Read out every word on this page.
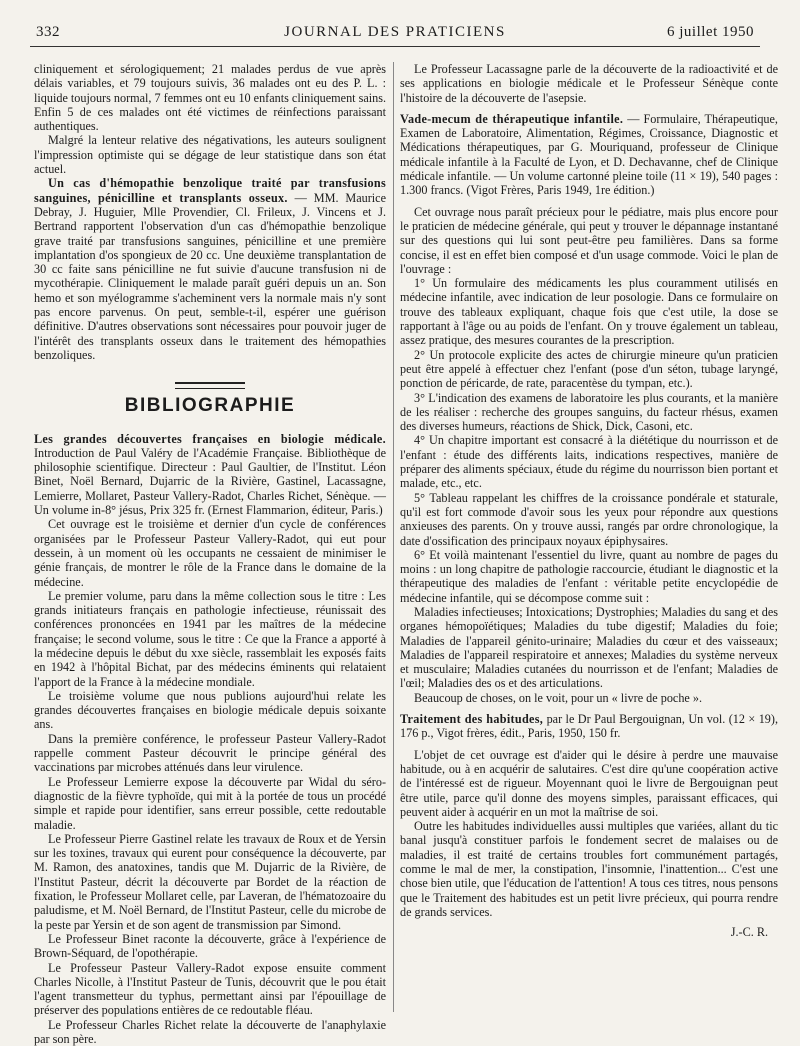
332	JOURNAL DES PRATICIENS	6 juillet 1950

cliniquement et sérologiquement; 21 malades perdus de vue après délais variables, et 79 toujours suivis, 36 malades ont eu des P. L. : liquide toujours normal, 7 femmes ont eu 10 enfants cliniquement sains. Enfin 5 de ces malades ont été victimes de réinfections paraissant authentiques.

Malgré la lenteur relative des négativations, les auteurs soulignent l'impression optimiste qui se dégage de leur statistique dans son état actuel.

Un cas d'hémopathie benzolique traité par transfusions sanguines, pénicilline et transplants osseux. — MM. Maurice Debray, J. Huguier, Mlle Provendier, Cl. Frileux, J. Vincens et J. Bertrand rapportent l'observation d'un cas d'hémopathie benzolique grave traité par transfusions sanguines, pénicilline et une première implantation d'os spongieux de 20 cc. Une deuxième transplantation de 30 cc faite sans pénicilline ne fut suivie d'aucune transfusion ni de mycothérapie. Cliniquement le malade paraît guéri depuis un an. Son hemo et son myélogramme s'acheminent vers la normale mais n'y sont pas encore parvenus. On peut, semble-t-il, espérer une guérison définitive. D'autres observations sont nécessaires pour pouvoir juger de l'intérêt des transplants osseux dans le traitement des hémopathies benzoliques.

BIBLIOGRAPHIE

Les grandes découvertes françaises en biologie médicale. Introduction de Paul Valéry de l'Académie Française. Bibliothèque de philosophie scientifique. Directeur : Paul Gaultier, de l'Institut. Léon Binet, Noël Bernard, Dujarric de la Rivière, Gastinel, Lacassagne, Lemierre, Mollaret, Pasteur Vallery-Radot, Charles Richet, Sénèque. — Un volume in-8° jésus, Prix 325 fr. (Ernest Flammarion, éditeur, Paris.)

Cet ouvrage est le troisième et dernier d'un cycle de conférences organisées par le Professeur Pasteur Vallery-Radot, qui eut pour dessein, à un moment où les occupants ne cessaient de minimiser le génie français, de montrer le rôle de la France dans le domaine de la médecine.

Le premier volume, paru dans la même collection sous le titre : Les grands initiateurs français en pathologie infectieuse, réunissait des conférences prononcées en 1941 par les maîtres de la médecine française; le second volume, sous le titre : Ce que la France a apporté à la médecine depuis le début du xxe siècle, rassemblait les exposés faits en 1942 à l'hôpital Bichat, par des médecins éminents qui relataient l'apport de la France à la médecine mondiale.

Le troisième volume que nous publions aujourd'hui relate les grandes découvertes françaises en biologie médicale depuis soixante ans.

Dans la première conférence, le professeur Pasteur Vallery-Radot rappelle comment Pasteur découvrit le principe général des vaccinations par microbes atténués dans leur virulence.

Le Professeur Lemierre expose la découverte par Widal du séro-diagnostic de la fièvre typhoïde, qui mit à la portée de tous un procédé simple et rapide pour identifier, sans erreur possible, cette redoutable maladie.

Le Professeur Pierre Gastinel relate les travaux de Roux et de Yersin sur les toxines, travaux qui eurent pour conséquence la découverte, par M. Ramon, des anatoxines, tandis que M. Dujarric de la Rivière, de l'Institut Pasteur, décrit la découverte par Bordet de la réaction de fixation, le Professeur Mollaret celle, par Laveran, de l'hématozoaire du paludisme, et M. Noël Bernard, de l'Institut Pasteur, celle du microbe de la peste par Yersin et de son agent de transmission par Simond.

Le Professeur Binet raconte la découverte, grâce à l'expérience de Brown-Séquard, de l'opothérapie.

Le Professeur Pasteur Vallery-Radot expose ensuite comment Charles Nicolle, à l'Institut Pasteur de Tunis, découvrit que le pou était l'agent transmetteur du typhus, permettant ainsi par l'épouillage de préserver des populations entières de ce redoutable fléau.

Le Professeur Charles Richet relate la découverte de l'anaphylaxie par son père.

Le Professeur Lacassagne parle de la découverte de la radioactivité et de ses applications en biologie médicale et le Professeur Sénèque conte l'histoire de la découverte de l'asepsie.

Vade-mecum de thérapeutique infantile. — Formulaire, Thérapeutique, Examen de Laboratoire, Alimentation, Régimes, Croissance, Diagnostic et Médications thérapeutiques, par G. Mouriquand, professeur de Clinique médicale infantile à la Faculté de Lyon, et D. Dechavanne, chef de Clinique médicale infantile. — Un volume cartonné pleine toile (11 × 19), 540 pages : 1.300 francs. (Vigot Frères, Paris 1949, 1re édition.)

Cet ouvrage nous paraît précieux pour le pédiatre, mais plus encore pour le praticien de médecine générale, qui peut y trouver le dépannage instantané sur des questions qui lui sont peut-être peu familières. Dans sa forme concise, il est en effet bien composé et d'un usage commode. Voici le plan de l'ouvrage :

1° Un formulaire des médicaments les plus couramment utilisés en médecine infantile, avec indication de leur posologie. Dans ce formulaire on trouve des tableaux expliquant, chaque fois que c'est utile, la dose se rapportant à l'âge ou au poids de l'enfant. On y trouve également un tableau, assez pratique, des mesures courantes de la prescription.

2° Un protocole explicite des actes de chirurgie mineure qu'un praticien peut être appelé à effectuer chez l'enfant (pose d'un séton, tubage laryngé, ponction de péricarde, de rate, paracentèse du tympan, etc.).

3° L'indication des examens de laboratoire les plus courants, et la manière de les réaliser : recherche des groupes sanguins, du facteur rhésus, examen des diverses humeurs, réactions de Shick, Dick, Casoni, etc.

4° Un chapitre important est consacré à la diététique du nourrisson et de l'enfant : étude des différents laits, indications respectives, manière de préparer des aliments spéciaux, étude du régime du nourrisson bien portant et malade, etc., etc.

5° Tableau rappelant les chiffres de la croissance pondérale et staturale, qu'il est fort commode d'avoir sous les yeux pour répondre aux questions anxieuses des parents. On y trouve aussi, rangés par ordre chronologique, la date d'ossification des principaux noyaux épiphysaires.

6° Et voilà maintenant l'essentiel du livre, quant au nombre de pages du moins : un long chapitre de pathologie raccourcie, étudiant le diagnostic et la thérapeutique des maladies de l'enfant : véritable petite encyclopédie de médecine infantile, qui se décompose comme suit :

Maladies infectieuses; Intoxications; Dystrophies; Maladies du sang et des organes hémopoïétiques; Maladies du tube digestif; Maladies du foie; Maladies de l'appareil génito-urinaire; Maladies du cœur et des vaisseaux; Maladies de l'appareil respiratoire et annexes; Maladies du système nerveux et musculaire; Maladies cutanées du nourrisson et de l'enfant; Maladies de l'œil; Maladies des os et des articulations.

Beaucoup de choses, on le voit, pour un « livre de poche ».

Traitement des habitudes, par le Dr Paul Bergouignan, Un vol. (12 × 19), 176 p., Vigot frères, édit., Paris, 1950, 150 fr.

L'objet de cet ouvrage est d'aider qui le désire à perdre une mauvaise habitude, ou à en acquérir de salutaires. C'est dire qu'une coopération active de l'intéressé est de rigueur. Moyennant quoi le livre de Bergouignan peut être utile, parce qu'il donne des moyens simples, paraissant efficaces, qui peuvent aider à acquérir en un mot la maîtrise de soi.

Outre les habitudes individuelles aussi multiples que variées, allant du tic banal jusqu'à constituer parfois le fondement secret de malaises ou de maladies, il est traité de certains troubles fort communément partagés, comme le mal de mer, la constipation, l'insomnie, l'inattention... C'est une chose bien utile, que l'éducation de l'attention! A tous ces titres, nous pensons que le Traitement des habitudes est un petit livre précieux, qui pourra rendre de grands services.

J.-C. R.
